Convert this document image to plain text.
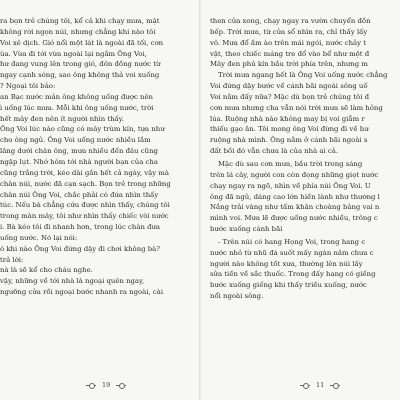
ra bọn trẻ chúng tôi, kể cả khi chạy mưa, mặt
không rời ngọn núi, nhưng chẳng khi nào tôi
Voi xê dịch. Gió nổi một lát là ngoài đã tối, cơn
ùa. Vừa đi tới vừa ngoài lại ngắm Ông Voi,
hư đang vung lên trong gió, đôn đồng nước từ
ngay cạnh sóng, sao ông không thả voi xuống
? Ngoại tôi bảo:
an Bạc nước mản ông không uống được nên
ì uống lúc mưa. Mỗi khi ông uống nước, trời
hết mây đen nên ít người nhìn thấy.
Ông Voi lúc nào cũng có mây trùm kín, tựa như
cho ông ngủ. Ông Voi uống nước nhiều lắm
lăng dưới chân ông, mưa nhiều đến đâu cũng
ngập lụt. Nhớ hôm tới nhà người bạn của cha
cũng trắng trời, kéo dài gần hết cả ngày, vậy mà
chân núi, nước đã cạn sạch. Bọn trẻ trong những
chân núi Ông Voi, chắc phải có đứa nhìn thấy
túc. Nếu bà chẳng cứu được nhìn thấy, chúng tôi
trong màn mây, tôi như nhìn thấy chiếc vòi nước
i. Bà kéo tôi đi nhanh hơn, trong lúc chân đưa
uống nước. Nó lại nói:
ó khi nào Ông Voi đứng dậy đi chơi không bà?
trả lời:
nà là sẽ kể cho cháu nghe.
vậy, những về tới nhà là ngoại quên ngay,
ngưỡng cửa rồi ngoại bước nhanh ra ngoài, cài
then cửa xong, chạy ngay ra vườn chuyển đồn
bếp. Trời mưa, từ cửa sổ nhìn ra, chỉ thấy lấy
vô. Mưa đổ ầm ào trên mái ngói, nước chảy t
vật, theo chiếc máng tre đổ vào bể như một đ
Mây đen phủ kín bầu trời phía trên, nhưng m
Trời mưa ngang hết là Ông Voi uống nước chẳng
Voi đứng dậy bước về cánh bãi ngoài sông uố
Voi nằm đấy nữa? Mặc dù bọn trẻ chúng tôi đ
cơn mưa nhưng cha vẫn nói trời mưa sẽ làm hỏng
lúa. Ruộng nhà nào không may bị voi giẫm r
thiếu gạo ăn. Tôi mong ông Voi đừng đi về hư
ruộng nhà mình. Ông nằm ở cánh bãi ngoài s
đất bồi đó vẫn chưa là của nhà ai cả.
Mặc dù sau cơn mưa, bầu trời trong sáng
trên lá cây, người con còn đọng những giọt nước
chạy ngay ra ngõ, nhìn về phía núi Ông Voi. U
ông đã ngủ, dáng cao lớn hiền lành như thường l
Nắng trải vàng như tấm khăn choàng bảng vai n
mình voi. Mưa lẽ được uống nước nhiều, trông c
bước xuống cánh bãi
- Trên núi có hang Họng Voi, trong hang c
nước nhỏ từ nhũ đá suốt mấy ngàn năm chưa c
người nào không tốt xưa, thường lên núi lấy
sửa tiền về sắc thuốc. Trong đấy hang có giếng
bước xuống giếng khi thấy triều xuống, nước
nổi ngoài sông.
19	11
